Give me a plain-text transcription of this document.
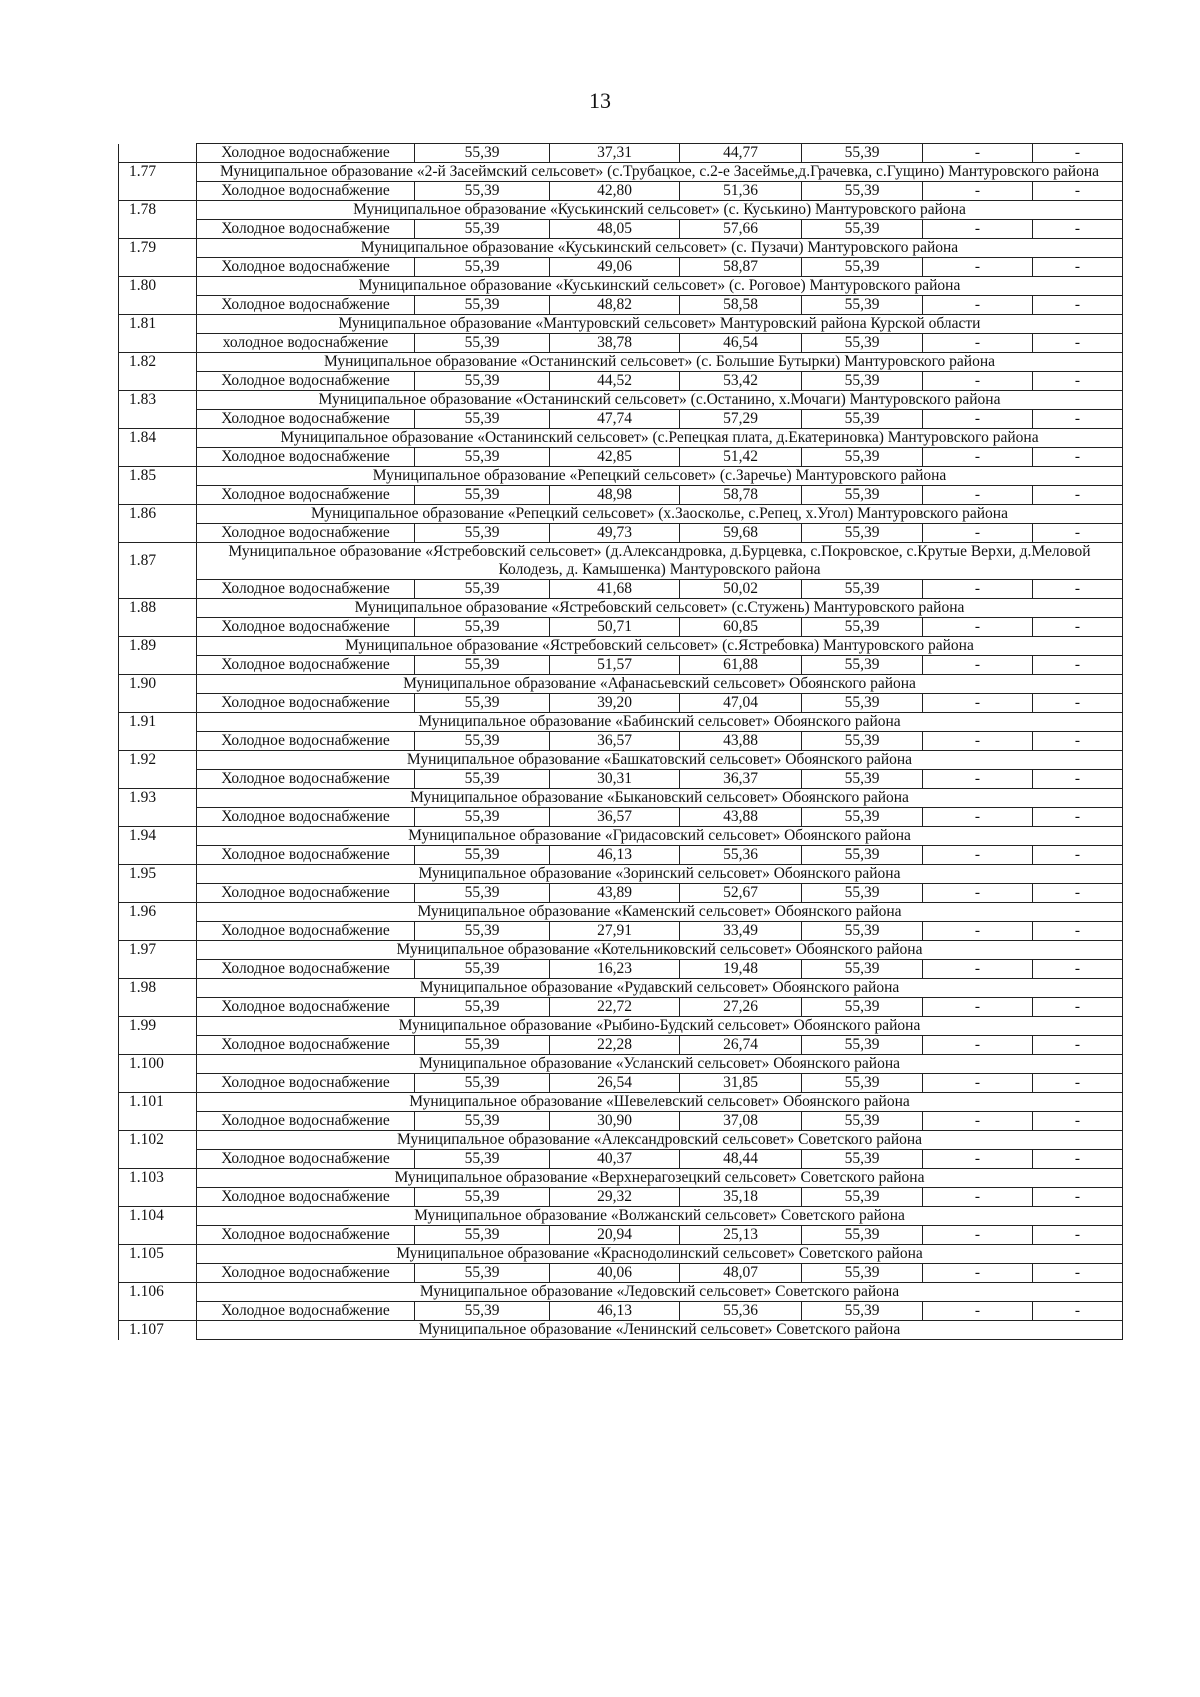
13
	Холодное водоснабжение	55,39	37,31	44,77	55,39	-	-
1.77	Муниципальное образование «2-й Засеймский сельсовет» (с.Трубацкое, с.2-е Засеймье,д.Грачевка, с.Гущино) Мантуровского района						
	Холодное водоснабжение	55,39	42,80	51,36	55,39	-	-
1.78	Муниципальное образование «Куськинский сельсовет» (с. Куськино) Мантуровского района						
	Холодное водоснабжение	55,39	48,05	57,66	55,39	-	-
1.79	Муниципальное образование «Куськинский сельсовет» (с. Пузачи) Мантуровского района						
	Холодное водоснабжение	55,39	49,06	58,87	55,39	-	-
1.80	Муниципальное образование «Куськинский сельсовет» (с. Роговое) Мантуровского района						
	Холодное водоснабжение	55,39	48,82	58,58	55,39	-	-
1.81	Муниципальное образование «Мантуровский сельсовет» Мантуровский района Курской области						
	холодное водоснабжение	55,39	38,78	46,54	55,39	-	-
1.82	Муниципальное образование «Останинский сельсовет» (с. Большие Бутырки) Мантуровского района						
	Холодное водоснабжение	55,39	44,52	53,42	55,39	-	-
1.83	Муниципальное образование «Останинский сельсовет» (с.Останино, х.Мочаги) Мантуровского района						
	Холодное водоснабжение	55,39	47,74	57,29	55,39	-	-
1.84	Муниципальное образование «Останинский сельсовет» (с.Репецкая плата, д.Екатериновка) Мантуровского района						
	Холодное водоснабжение	55,39	42,85	51,42	55,39	-	-
1.85	Муниципальное образование «Репецкий сельсовет» (с.Заречье) Мантуровского района						
	Холодное водоснабжение	55,39	48,98	58,78	55,39	-	-
1.86	Муниципальное образование «Репецкий сельсовет» (х.Заосколье, с.Репец, х.Угол) Мантуровского района						
	Холодное водоснабжение	55,39	49,73	59,68	55,39	-	-
1.87	Муниципальное образование «Ястребовский сельсовет» (д.Александровка, д.Бурцевка, с.Покровское, с.Крутые Верхи, д.Меловой Колодезь, д. Камышенка) Мантуровского района						
	Холодное водоснабжение	55,39	41,68	50,02	55,39	-	-
1.88	Муниципальное образование «Ястребовский сельсовет» (с.Стужень) Мантуровского района						
	Холодное водоснабжение	55,39	50,71	60,85	55,39	-	-
1.89	Муниципальное образование «Ястребовский сельсовет» (с.Ястребовка) Мантуровского района						
	Холодное водоснабжение	55,39	51,57	61,88	55,39	-	-
1.90	Муниципальное образование «Афанасьевский сельсовет» Обоянского района						
	Холодное водоснабжение	55,39	39,20	47,04	55,39	-	-
1.91	Муниципальное образование «Бабинский сельсовет» Обоянского района						
	Холодное водоснабжение	55,39	36,57	43,88	55,39	-	-
1.92	Муниципальное образование «Башкатовский сельсовет» Обоянского района						
	Холодное водоснабжение	55,39	30,31	36,37	55,39	-	-
1.93	Муниципальное образование «Быкановский сельсовет» Обоянского района						
	Холодное водоснабжение	55,39	36,57	43,88	55,39	-	-
1.94	Муниципальное образование «Гридасовский сельсовет» Обоянского района						
	Холодное водоснабжение	55,39	46,13	55,36	55,39	-	-
1.95	Муниципальное образование «Зоринский сельсовет» Обоянского района						
	Холодное водоснабжение	55,39	43,89	52,67	55,39	-	-
1.96	Муниципальное образование «Каменский сельсовет» Обоянского района						
	Холодное водоснабжение	55,39	27,91	33,49	55,39	-	-
1.97	Муниципальное образование «Котельниковский сельсовет» Обоянского района						
	Холодное водоснабжение	55,39	16,23	19,48	55,39	-	-
1.98	Муниципальное образование «Рудавский сельсовет» Обоянского района						
	Холодное водоснабжение	55,39	22,72	27,26	55,39	-	-
1.99	Муниципальное образование «Рыбино-Будский сельсовет» Обоянского района						
	Холодное водоснабжение	55,39	22,28	26,74	55,39	-	-
1.100	Муниципальное образование «Усланский сельсовет» Обоянского района						
	Холодное водоснабжение	55,39	26,54	31,85	55,39	-	-
1.101	Муниципальное образование «Шевелевский сельсовет» Обоянского района						
	Холодное водоснабжение	55,39	30,90	37,08	55,39	-	-
1.102	Муниципальное образование «Александровский сельсовет» Советского района						
	Холодное водоснабжение	55,39	40,37	48,44	55,39	-	-
1.103	Муниципальное образование «Верхнерагозецкий сельсовет» Советского района						
	Холодное водоснабжение	55,39	29,32	35,18	55,39	-	-
1.104	Муниципальное образование «Волжанский сельсовет» Советского района						
	Холодное водоснабжение	55,39	20,94	25,13	55,39	-	-
1.105	Муниципальное образование «Краснодолинский сельсовет» Советского района						
	Холодное водоснабжение	55,39	40,06	48,07	55,39	-	-
1.106	Муниципальное образование «Ледовский сельсовет» Советского района						
	Холодное водоснабжение	55,39	46,13	55,36	55,39	-	-
1.107	Муниципальное образование «Ленинский сельсовет» Советского района						
